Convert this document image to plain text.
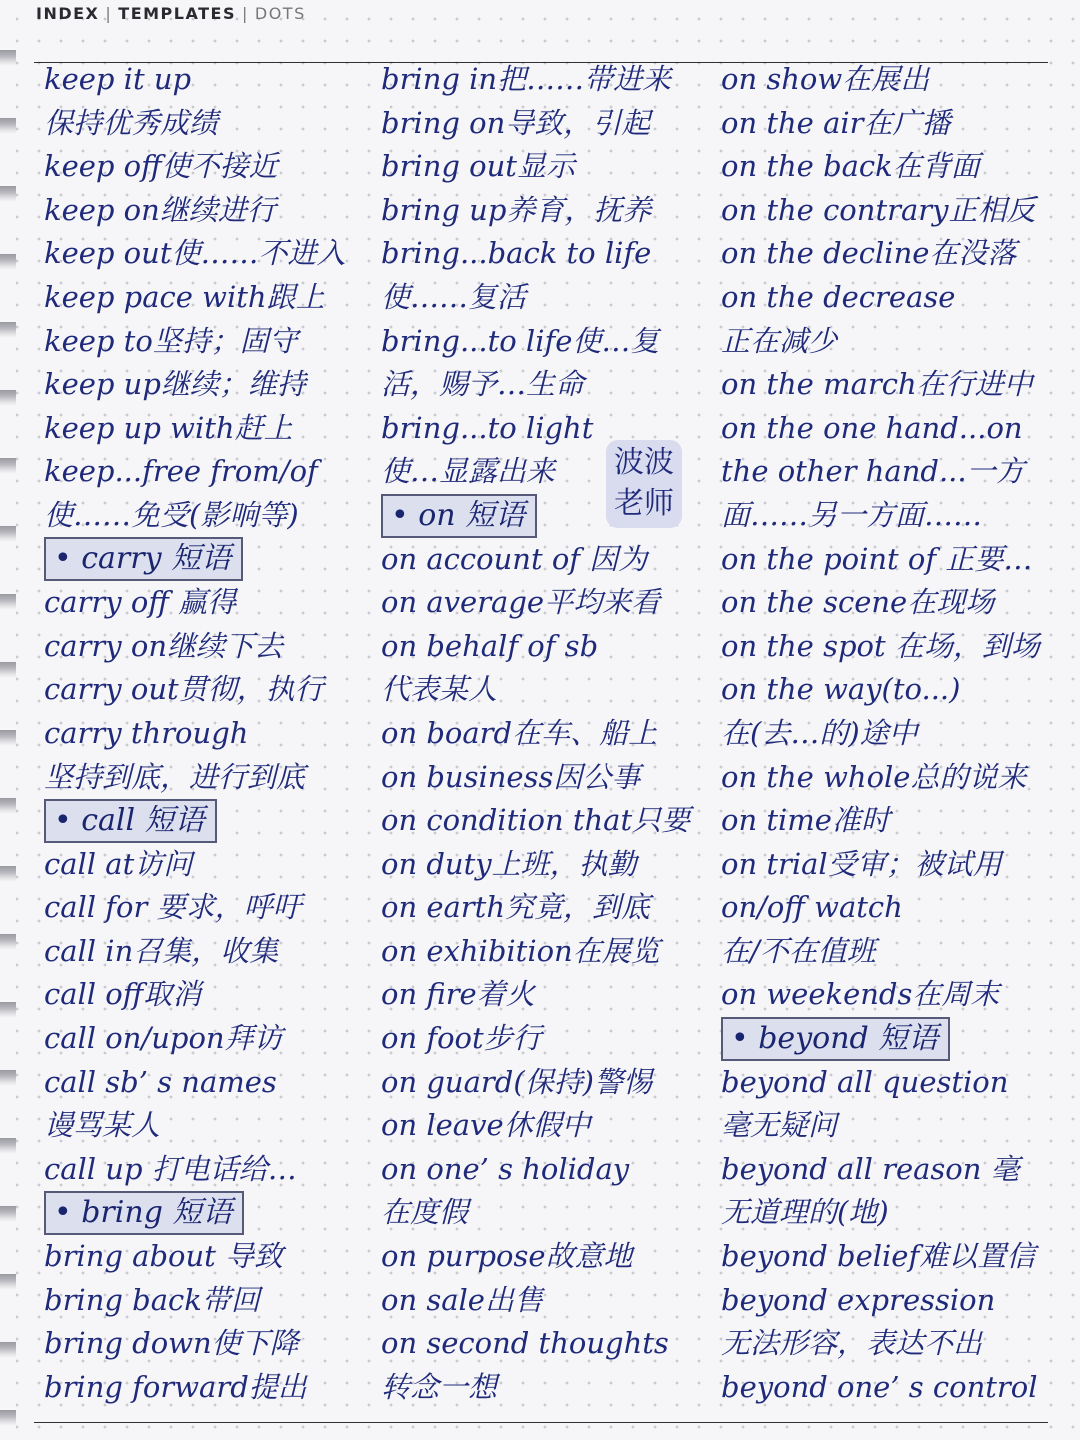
INDEX | TEMPLATES | DOTS
keep it up
保持优秀成绩
keep off使不接近
keep on继续进行
keep out使……不进入
keep pace with跟上
keep to坚持；固守
keep up继续；维持
keep up with赶上
keep...free from/of
使……免受(影响等)
• carry 短语
carry off 赢得
carry on继续下去
carry out贯彻，执行
carry through
坚持到底，进行到底
• call 短语
call at访问
call for 要求，呼吁
call in召集，收集
call off取消
call on/upon拜访
call sb’ s names
谩骂某人
call up 打电话给…
• bring 短语
bring about 导致
bring back带回
bring down使下降
bring forward提出
bring in把……带进来
bring on导致，引起
bring out显示
bring up养育，抚养
bring...back to life
使……复活
bring...to life使…复
活，赐予…生命
bring...to light
使…显露出来
• on 短语
on account of 因为
on average平均来看
on behalf of sb
代表某人
on board在车、船上
on business因公事
on condition that只要
on duty上班，执勤
on earth究竟，到底
on exhibition在展览
on fire着火
on foot步行
on guard(保持)警惕
on leave休假中
on one’ s holiday
在度假
on purpose故意地
on sale出售
on second thoughts
转念一想
on show在展出
on the air在广播
on the back在背面
on the contrary正相反
on the decline在没落
on the decrease
正在减少
on the march在行进中
on the one hand...on
the other hand...一方
面……另一方面……
on the point of 正要…
on the scene在现场
on the spot 在场，到场
on the way(to...)
在(去…的)途中
on the whole总的说来
on time准时
on trial受审；被试用
on/off watch
在/不在值班
on weekends在周末
• beyond 短语
beyond all question
毫无疑问
beyond all reason 毫
无道理的(地)
beyond belief难以置信
beyond expression
无法形容，表达不出
beyond one’ s control
波波
老师
